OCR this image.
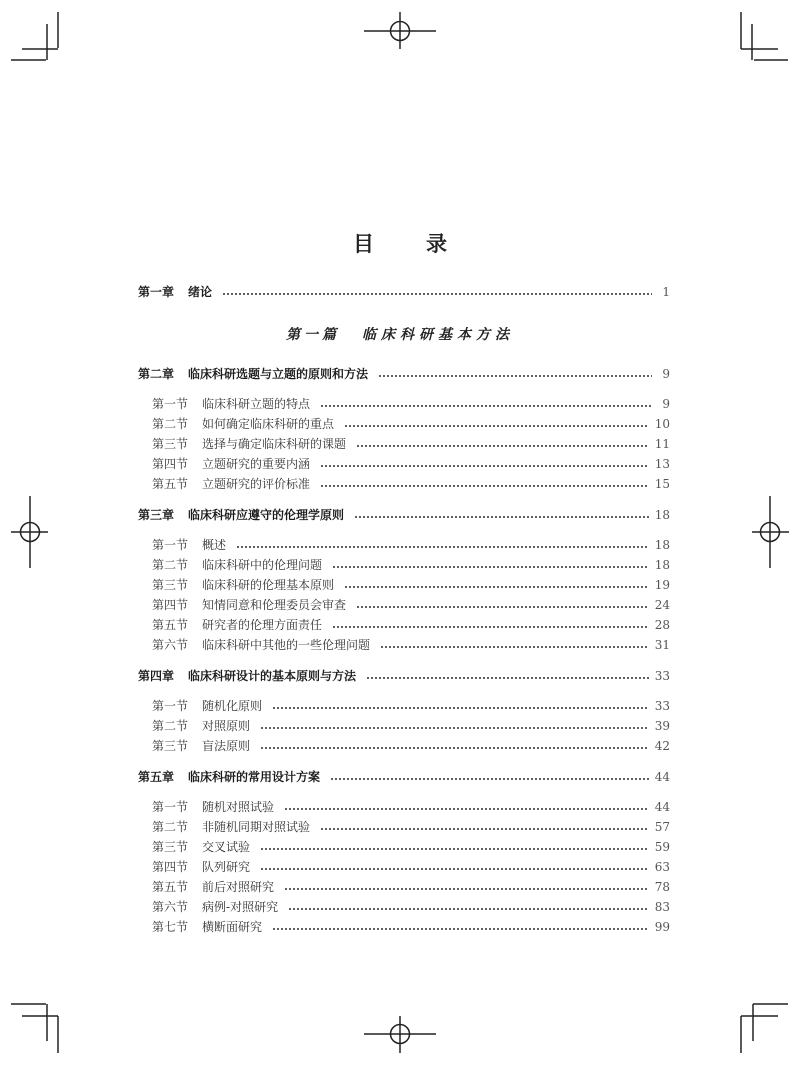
目 录
第一章 绪论	1
第一篇 临床科研基本方法
第二章 临床科研选题与立题的原则和方法	9
第一节 临床科研立题的特点	9
第二节 如何确定临床科研的重点	10
第三节 选择与确定临床科研的课题	11
第四节 立题研究的重要内涵	13
第五节 立题研究的评价标准	15
第三章 临床科研应遵守的伦理学原则	18
第一节 概述	18
第二节 临床科研中的伦理问题	18
第三节 临床科研的伦理基本原则	19
第四节 知情同意和伦理委员会审查	24
第五节 研究者的伦理方面责任	28
第六节 临床科研中其他的一些伦理问题	31
第四章 临床科研设计的基本原则与方法	33
第一节 随机化原则	33
第二节 对照原则	39
第三节 盲法原则	42
第五章 临床科研的常用设计方案	44
第一节 随机对照试验	44
第二节 非随机同期对照试验	57
第三节 交叉试验	59
第四节 队列研究	63
第五节 前后对照研究	78
第六节 病例-对照研究	83
第七节 横断面研究	99
